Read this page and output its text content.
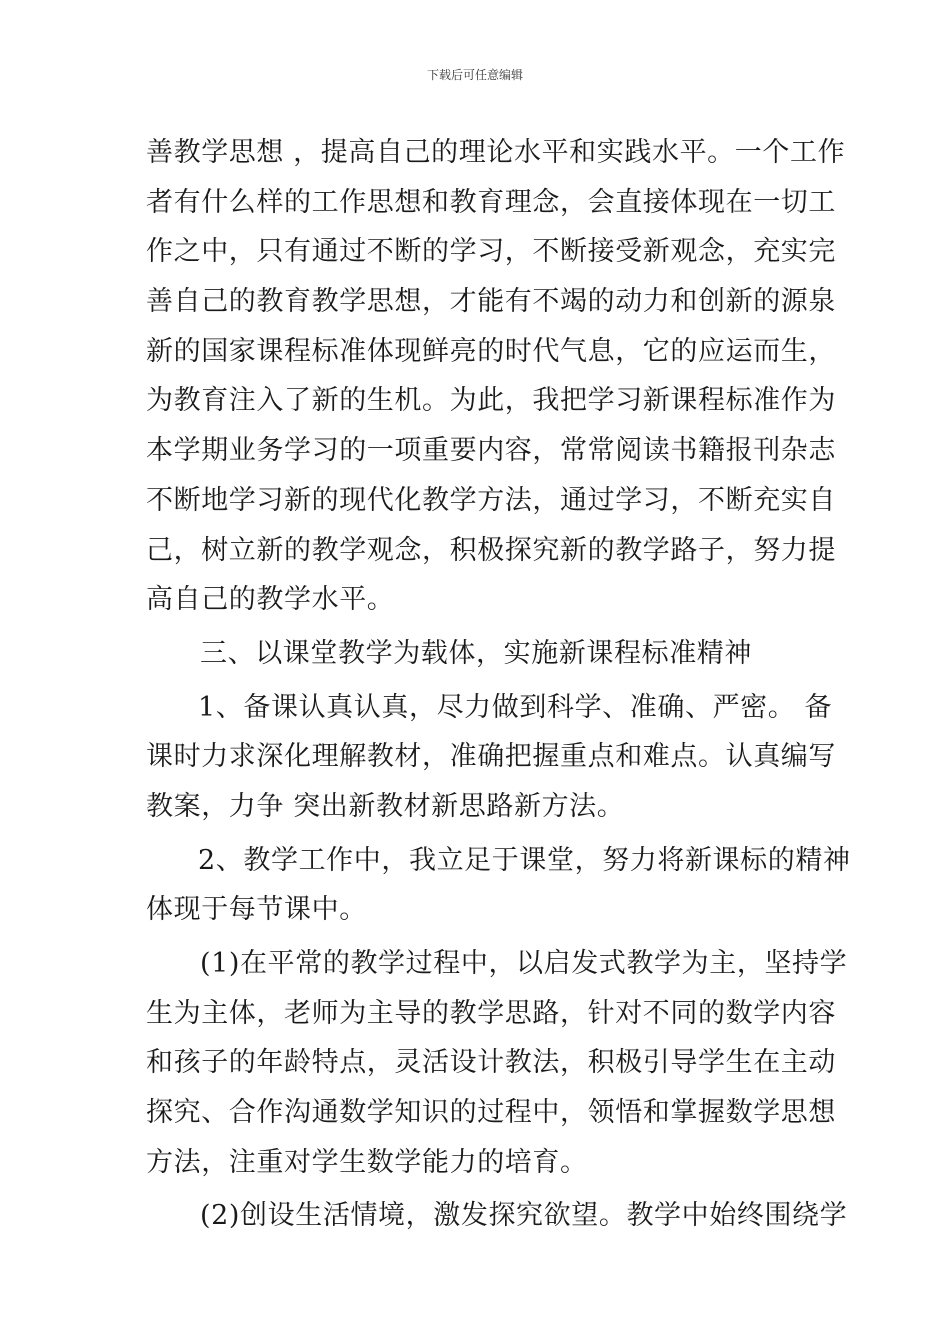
下载后可任意编辑
善教学思想 ，提高自己的理论水平和实践水平。一个工作
者有什么样的工作思想和教育理念，会直接体现在一切工
作之中，只有通过不断的学习，不断接受新观念，充实完
善自己的教育教学思想，才能有不竭的动力和创新的源泉
新的国家课程标准体现鲜亮的时代气息，它的应运而生，
为教育注入了新的生机。为此，我把学习新课程标准作为
本学期业务学习的一项重要内容，常常阅读书籍报刊杂志
不断地学习新的现代化教学方法，通过学习，不断充实自
己，树立新的教学观念，积极探究新的教学路子，努力提
高自己的教学水平。
三、以课堂教学为载体，实施新课程标准精神
1、备课认真认真，尽力做到科学、准确、严密。 备
课时力求深化理解教材，准确把握重点和难点。认真编写
教案，力争 突出新教材新思路新方法。
2、教学工作中，我立足于课堂，努力将新课标的精神
体现于每节课中。
(1)在平常的教学过程中，以启发式教学为主，坚持学
生为主体，老师为主导的教学思路，针对不同的数学内容
和孩子的年龄特点，灵活设计教法，积极引导学生在主动
探究、合作沟通数学知识的过程中，领悟和掌握数学思想
方法，注重对学生数学能力的培育。
(2)创设生活情境，激发探究欲望。教学中始终围绕学
